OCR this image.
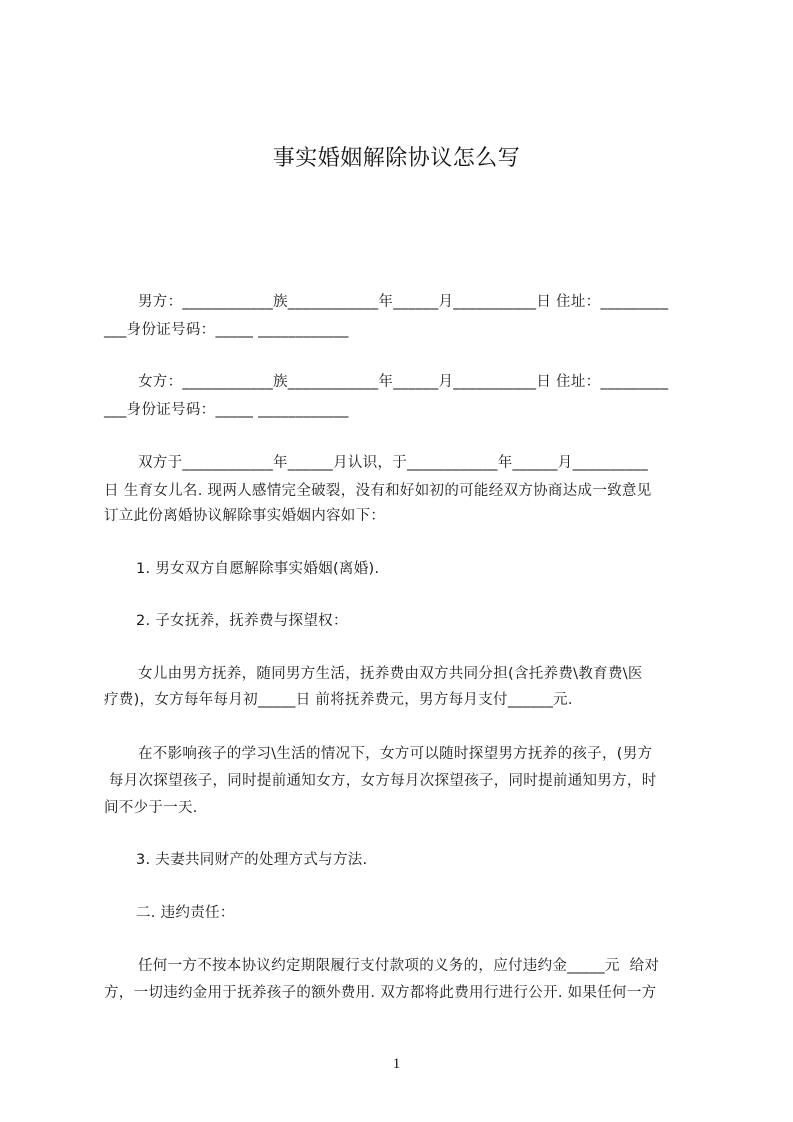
事实婚姻解除协议怎么写
男方：____________族____________年______月___________日 住址：_________
___身份证号码：_____ ____________
女方：____________族____________年______月___________日 住址：_________
___身份证号码：_____ ____________
双方于____________年______月认识，于____________年______月__________
日 生育女儿名. 现两人感情完全破裂，没有和好如初的可能经双方协商达成一致意见
订立此份离婚协议解除事实婚姻内容如下：
1. 男女双方自愿解除事实婚姻(离婚).
2. 子女抚养，抚养费与探望权：
女儿由男方抚养，随同男方生活，抚养费由双方共同分担(含托养费\教育费\医
疗费)，女方每年每月初_____日 前将抚养费元，男方每月支付______元.
在不影响孩子的学习\生活的情况下，女方可以随时探望男方抚养的孩子，(男方
每月次探望孩子，同时提前通知女方，女方每月次探望孩子，同时提前通知男方，时
间不少于一天.
3. 夫妻共同财产的处理方式与方法.
二. 违约责任：
任何一方不按本协议约定期限履行支付款项的义务的，应付违约金_____元  给对
方，一切违约金用于抚养孩子的额外费用. 双方都将此费用行进行公开. 如果任何一方
1
